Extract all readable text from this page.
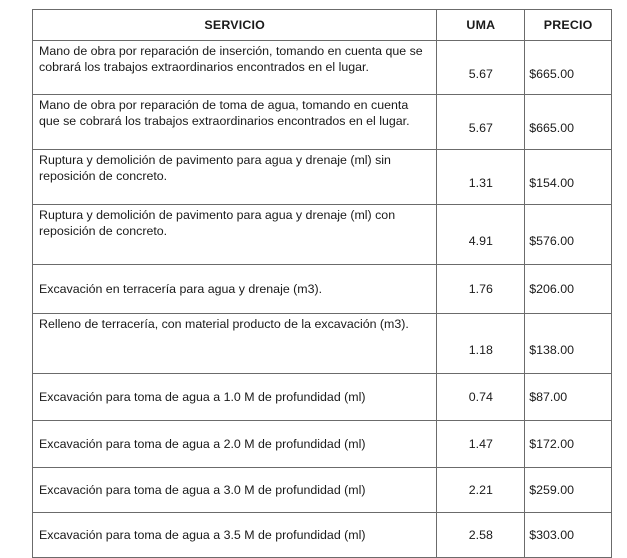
SERVICIO	UMA	PRECIO
Mano de obra por reparación de inserción, tomando en cuenta que se cobrará los trabajos extraordinarios encontrados en el lugar.	5.67	$665.00
Mano de obra por reparación de toma de agua, tomando en cuenta que se cobrará los trabajos extraordinarios encontrados en el lugar.	5.67	$665.00
Ruptura y demolición de pavimento para agua y drenaje (ml) sin reposición de concreto.	1.31	$154.00
Ruptura y demolición de pavimento para agua y drenaje (ml) con reposición de concreto.	4.91	$576.00
Excavación en terracería para agua y drenaje (m3).	1.76	$206.00
Relleno de terracería, con material producto de la excavación (m3).	1.18	$138.00
Excavación para toma de agua a 1.0 M de profundidad (ml)	0.74	$87.00
Excavación para toma de agua a 2.0 M de profundidad (ml)	1.47	$172.00
Excavación para toma de agua a 3.0 M de profundidad (ml)	2.21	$259.00
Excavación para toma de agua a 3.5 M de profundidad (ml)	2.58	$303.00
